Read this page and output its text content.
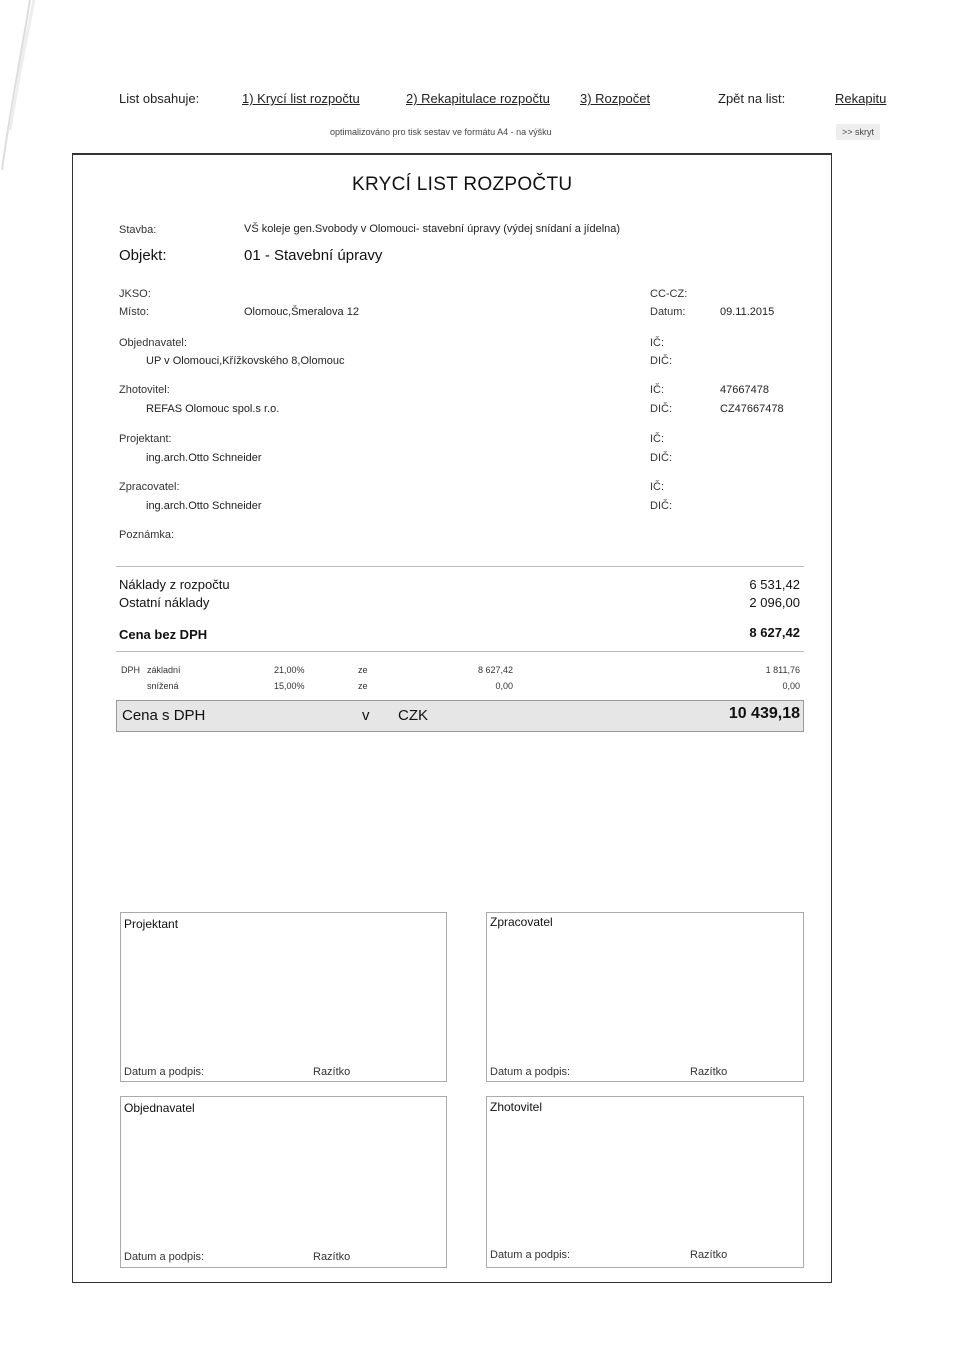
List obsahuje:	1) Krycí list rozpočtu	2) Rekapitulace rozpočtu 3) Rozpočet	Zpět na list:	Rekapitu
optimalizováno pro tisk sestav ve formátu A4 - na výšku	>> skryt
KRYCÍ LIST ROZPOČTU
Stavba:	VŠ koleje gen.Svobody v Olomouci- stavební úpravy (výdej snídaní a jídelna)
Objekt:	01 - Stavební úpravy
JKSO:
Místo:	Olomouc,Šmeralova 12
CC-CZ:
Datum:	09.11.2015
Objednavatel:
UP v Olomouci,Křížkovského 8,Olomouc
IČ:
DIČ:
Zhotovitel:
REFAS Olomouc spol.s r.o.
IČ:	47667478
DIČ:	CZ47667478
Projektant:
ing.arch.Otto Schneider
IČ:
DIČ:
Zpracovatel:
ing.arch.Otto Schneider
IČ:
DIČ:
Poznámka:
Náklady z rozpočtu	6 531,42
Ostatní náklady	2 096,00
Cena bez DPH	8 627,42
DPH základní	21,00%	ze	8 627,42	1 811,76
snížená	15,00%	ze	0,00	0,00
Cena s DPH	v CZK	10 439,18
Projektant
Datum a podpis:	Razítko
Zpracovatel
Datum a podpis:	Razítko
Objednavatel
Datum a podpis:	Razítko
Zhotovitel
Datum a podpis:	Razítko
